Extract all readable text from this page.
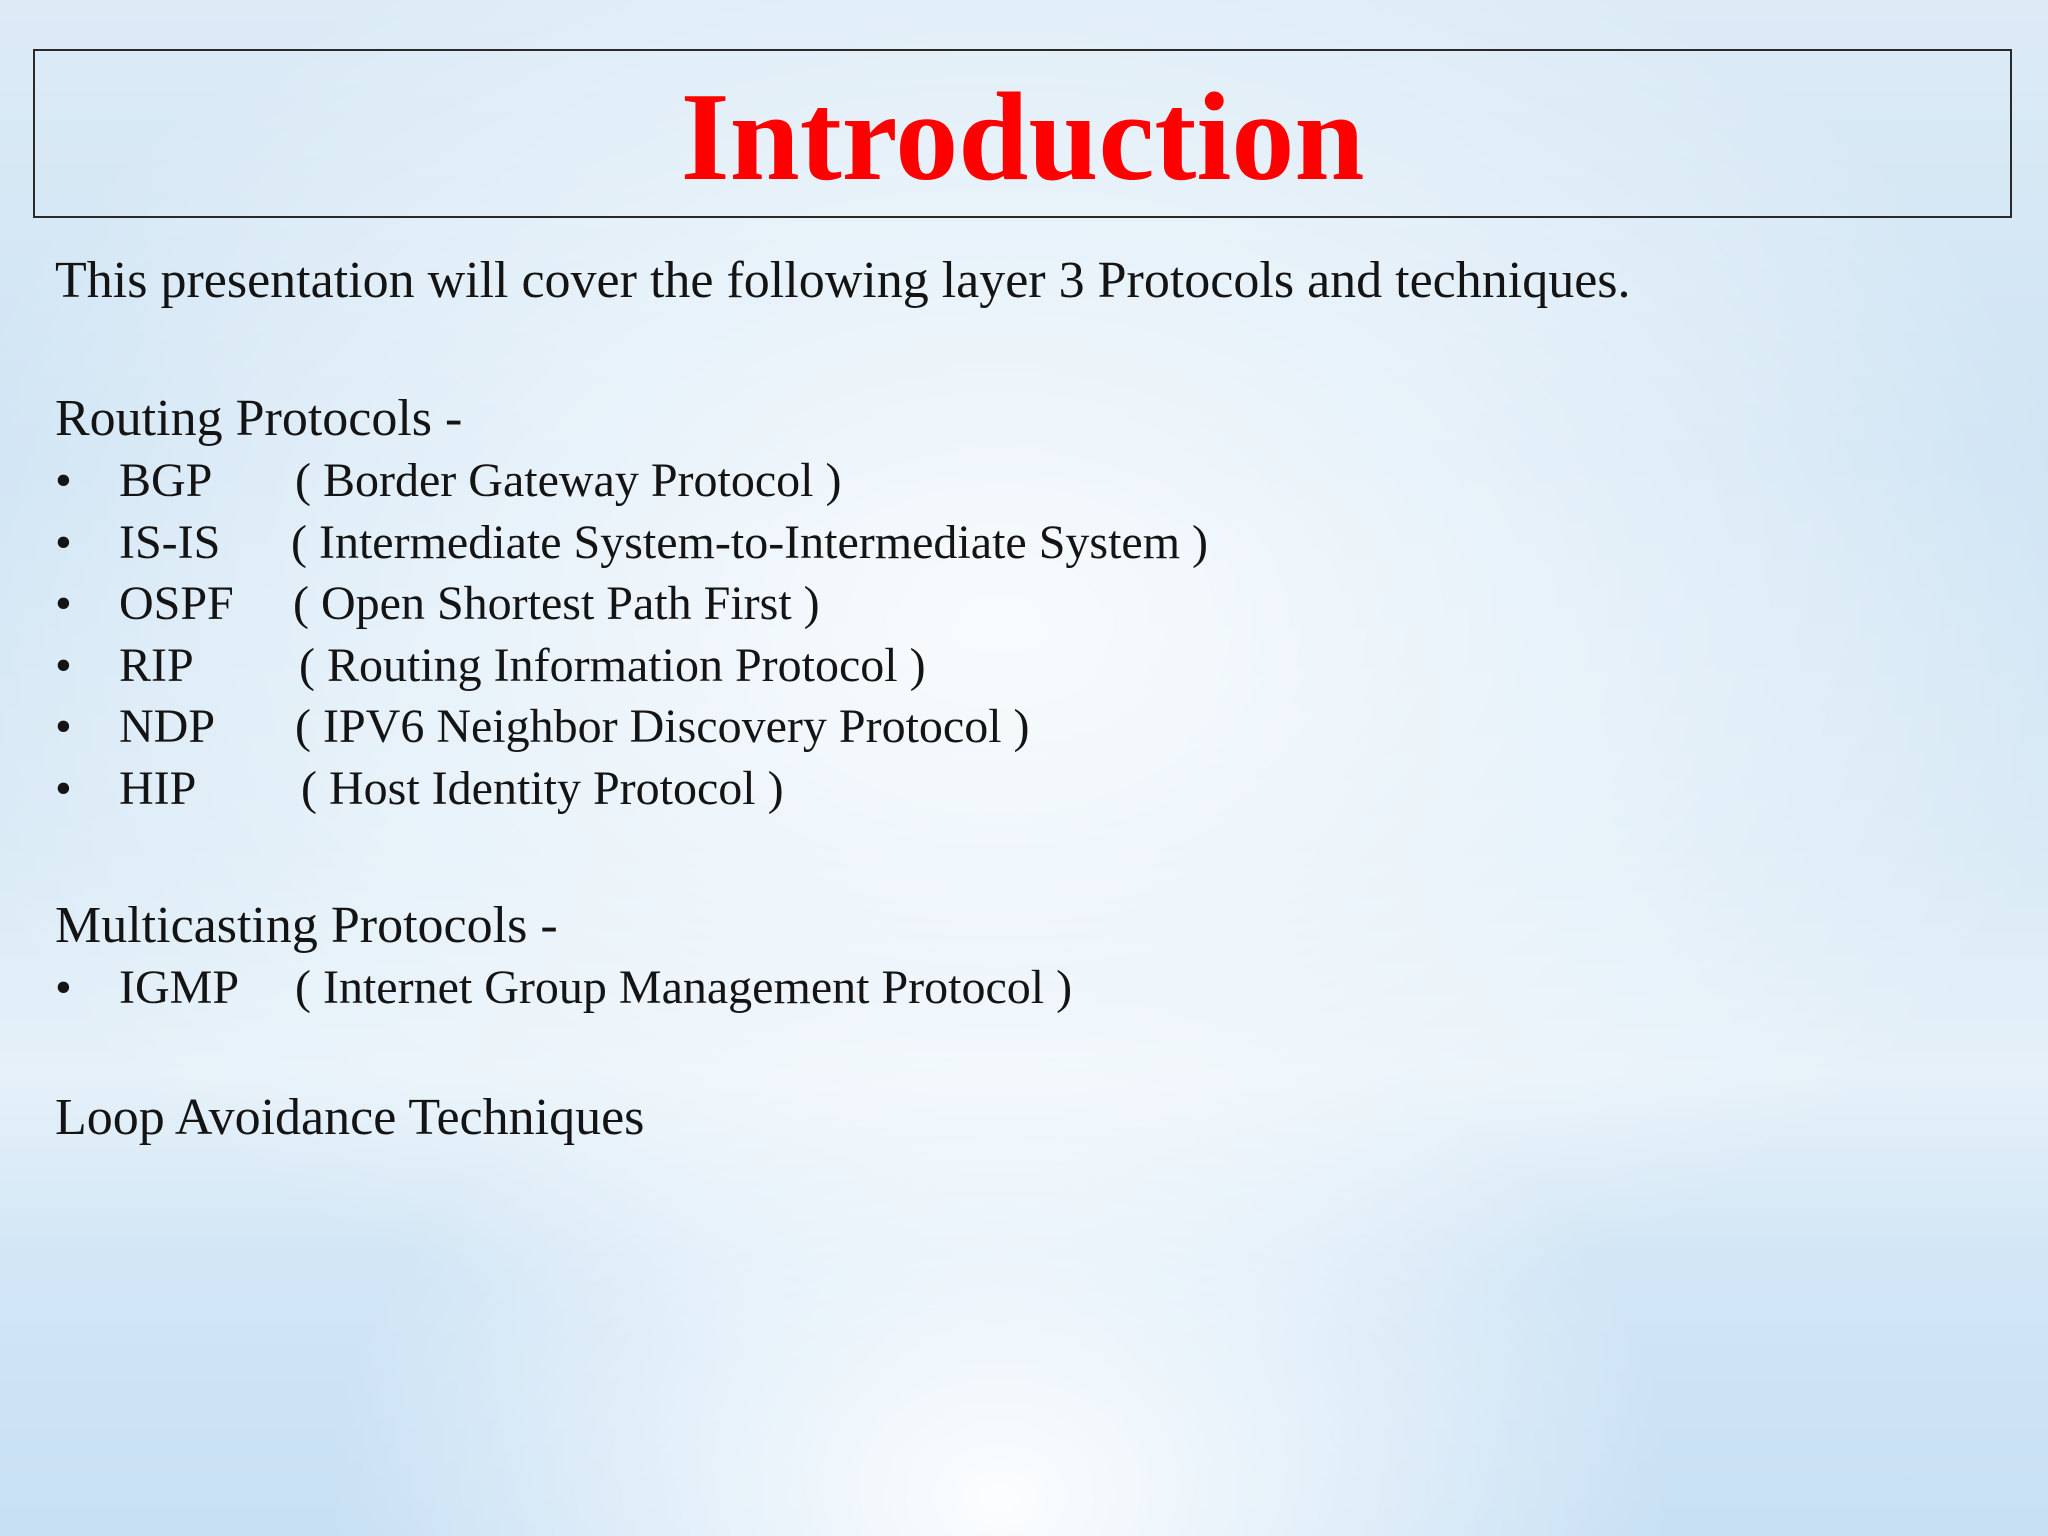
Introduction
This presentation will cover the following layer 3 Protocols and techniques.
Routing Protocols -
• BGP ( Border Gateway Protocol )
• IS-IS ( Intermediate System-to-Intermediate System )
• OSPF ( Open Shortest Path First )
• RIP ( Routing Information Protocol )
• NDP ( IPV6 Neighbor Discovery Protocol )
• HIP ( Host Identity Protocol )
Multicasting Protocols -
• IGMP ( Internet Group Management Protocol )
Loop Avoidance Techniques
